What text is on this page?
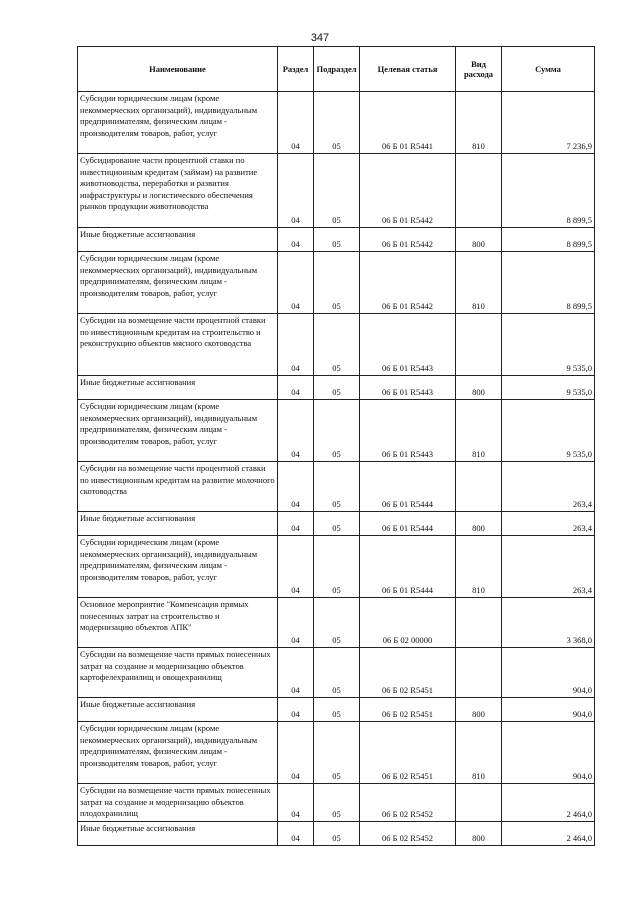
347
Наименование	Раздел	Подраздел	Целевая статья	Вид расхода	Сумма
Субсидии юридическим лицам (кроме некоммерческих организаций), индивидуальным предпринимателям, физическим лицам - производителям товаров, работ, услуг	04	05	06 Б 01 R5441	810	7 236,9
Субсидирование части процентной ставки по инвестиционным кредитам (займам) на развитие животноводства, переработки и развития инфраструктуры и логистического обеспечения рынков продукции животноводства	04	05	06 Б 01 R5442		8 899,5
Иные бюджетные ассигнования	04	05	06 Б 01 R5442	800	8 899,5
Субсидии юридическим лицам (кроме некоммерческих организаций), индивидуальным предпринимателям, физическим лицам - производителям товаров, работ, услуг	04	05	06 Б 01 R5442	810	8 899,5
Субсидии на возмещение части процентной ставки по инвестиционным кредитам на строительство и реконструкцию объектов мясного скотоводства	04	05	06 Б 01 R5443		9 535,0
Иные бюджетные ассигнования	04	05	06 Б 01 R5443	800	9 535,0
Субсидии юридическим лицам (кроме некоммерческих организаций), индивидуальным предпринимателям, физическим лицам - производителям товаров, работ, услуг	04	05	06 Б 01 R5443	810	9 535,0
Субсидии на возмещение части процентной ставки по инвестиционным кредитам на развитие молочного скотоводства	04	05	06 Б 01 R5444		263,4
Иные бюджетные ассигнования	04	05	06 Б 01 R5444	800	263,4
Субсидии юридическим лицам (кроме некоммерческих организаций), индивидуальным предпринимателям, физическим лицам - производителям товаров, работ, услуг	04	05	06 Б 01 R5444	810	263,4
Основное мероприятие "Компенсация прямых понесенных затрат на строительство и модернизацию объектов АПК"	04	05	06 Б 02 00000		3 368,0
Субсидии на возмещение части прямых понесенных затрат на создание и модернизацию объектов картофелехранилищ и овощехранилищ	04	05	06 Б 02 R5451		904,0
Иные бюджетные ассигнования	04	05	06 Б 02 R5451	800	904,0
Субсидии юридическим лицам (кроме некоммерческих организаций), индивидуальным предпринимателям, физическим лицам - производителям товаров, работ, услуг	04	05	06 Б 02 R5451	810	904,0
Субсидии на возмещение части прямых понесенных затрат на создание и модернизацию объектов плодохранилищ	04	05	06 Б 02 R5452		2 464,0
Иные бюджетные ассигнования	04	05	06 Б 02 R5452	800	2 464,0
